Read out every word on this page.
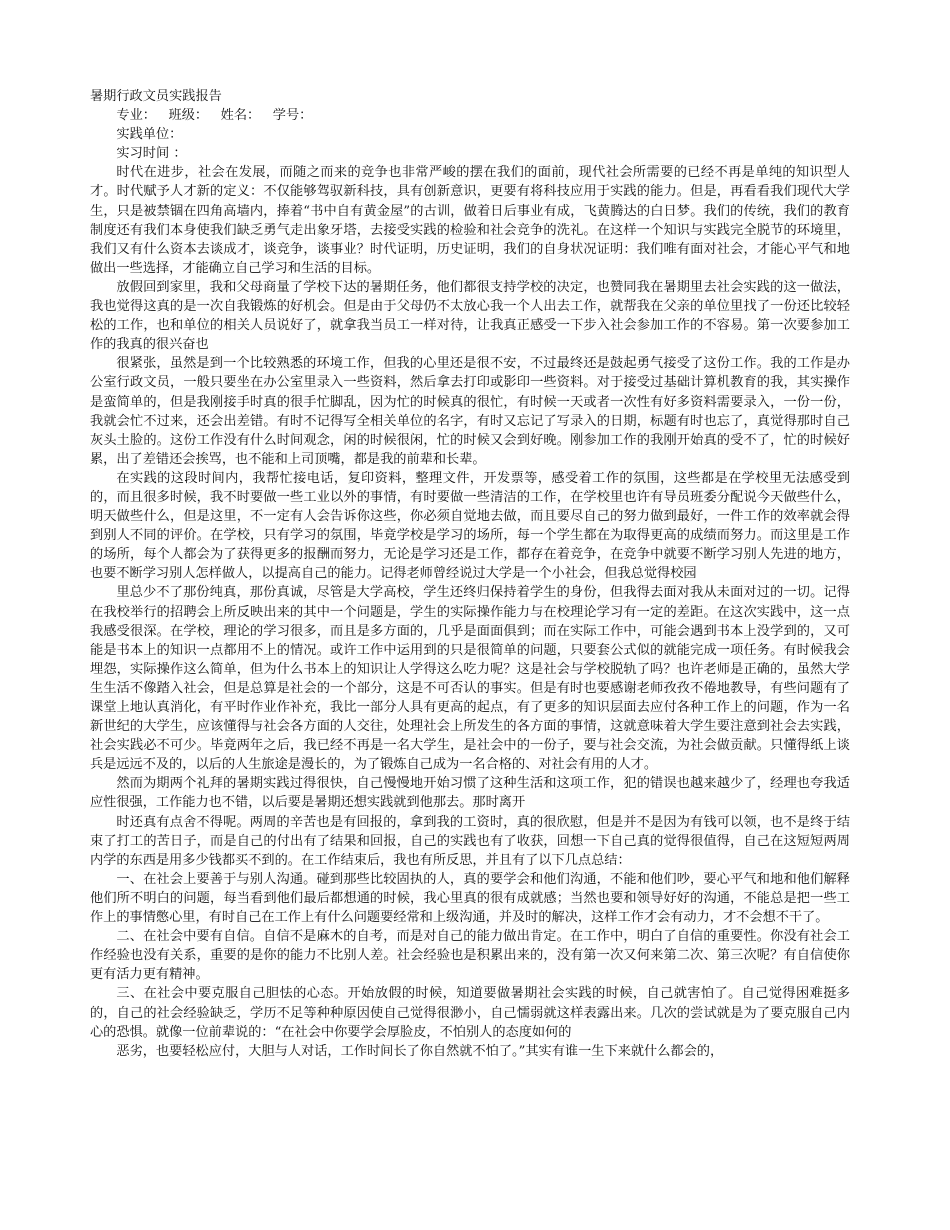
暑期行政文员实践报告

专业：   班级：   姓名：   学号：

实践单位：

实习时间 ：

时代在进步，社会在发展，而随之而来的竞争也非常严峻的摆在我们的面前，现代社会所需要的已经不再是单纯的知识型人才。时代赋予人才新的定义：不仅能够驾驭新科技，具有创新意识，更要有将科技应用于实践的能力。但是，再看看我们现代大学生，只是被禁锢在四角高墙内，捧着“书中自有黄金屋”的古训，做着日后事业有成，飞黄腾达的白日梦。我们的传统，我们的教育制度还有我们本身使我们缺乏勇气走出象牙塔，去接受实践的检验和社会竞争的洗礼。在这样一个知识与实践完全脱节的环境里，我们又有什么资本去谈成才，谈竞争，谈事业？时代证明，历史证明，我们的自身状况证明：我们唯有面对社会，才能心平气和地做出一些选择，才能确立自己学习和生活的目标。

放假回到家里，我和父母商量了学校下达的暑期任务，他们都很支持学校的决定，也赞同我在暑期里去社会实践的这一做法，我也觉得这真的是一次自我锻炼的好机会。但是由于父母仍不太放心我一个人出去工作，就帮我在父亲的单位里找了一份还比较轻松的工作，也和单位的相关人员说好了，就拿我当员工一样对待，让我真正感受一下步入社会参加工作的不容易。第一次要参加工作的我真的很兴奋也

很紧张，虽然是到一个比较熟悉的环境工作，但我的心里还是很不安，不过最终还是鼓起勇气接受了这份工作。我的工作是办公室行政文员，一般只要坐在办公室里录入一些资料，然后拿去打印或影印一些资料。对于接受过基础计算机教育的我，其实操作是蛮简单的，但是我刚接手时真的很手忙脚乱，因为忙的时候真的很忙，有时候一天或者一次性有好多资料需要录入，一份一份，我就会忙不过来，还会出差错。有时不记得写全相关单位的名字，有时又忘记了写录入的日期，标题有时也忘了，真觉得那时自己灰头土脸的。这份工作没有什么时间观念，闲的时候很闲，忙的时候又会到好晚。刚参加工作的我刚开始真的受不了，忙的时候好累，出了差错还会挨骂，也不能和上司顶嘴，都是我的前辈和长辈。

在实践的这段时间内，我帮忙接电话，复印资料，整理文件，开发票等，感受着工作的氛围，这些都是在学校里无法感受到的，而且很多时候，我不时要做一些工业以外的事情，有时要做一些清洁的工作，在学校里也许有导员班委分配说今天做些什么，明天做些什么，但是这里，不一定有人会告诉你这些，你必须自觉地去做，而且要尽自己的努力做到最好，一件工作的效率就会得到别人不同的评价。在学校，只有学习的氛围，毕竟学校是学习的场所，每一个学生都在为取得更高的成绩而努力。而这里是工作的场所，每个人都会为了获得更多的报酬而努力，无论是学习还是工作，都存在着竞争，在竞争中就要不断学习别人先进的地方，也要不断学习别人怎样做人，以提高自己的能力。记得老师曾经说过大学是一个小社会，但我总觉得校园

里总少不了那份纯真，那份真诚，尽管是大学高校，学生还终归保持着学生的身份，但我得去面对我从未面对过的一切。记得在我校举行的招聘会上所反映出来的其中一个问题是，学生的实际操作能力与在校理论学习有一定的差距。在这次实践中，这一点我感受很深。在学校，理论的学习很多，而且是多方面的，几乎是面面俱到；而在实际工作中，可能会遇到书本上没学到的，又可能是书本上的知识一点都用不上的情况。或许工作中运用到的只是很简单的问题，只要套公式似的就能完成一项任务。有时候我会埋怨，实际操作这么简单，但为什么书本上的知识让人学得这么吃力呢？这是社会与学校脱轨了吗？也许老师是正确的，虽然大学生生活不像踏入社会，但是总算是社会的一个部分，这是不可否认的事实。但是有时也要感谢老师孜孜不倦地教导，有些问题有了课堂上地认真消化，有平时作业作补充，我比一部分人具有更高的起点，有了更多的知识层面去应付各种工作上的问题，作为一名新世纪的大学生，应该懂得与社会各方面的人交往，处理社会上所发生的各方面的事情，这就意味着大学生要注意到社会去实践，社会实践必不可少。毕竟两年之后，我已经不再是一名大学生，是社会中的一份子，要与社会交流，为社会做贡献。只懂得纸上谈兵是远远不及的，以后的人生旅途是漫长的，为了锻炼自己成为一名合格的、对社会有用的人才。

然而为期两个礼拜的暑期实践过得很快，自己慢慢地开始习惯了这种生活和这项工作，犯的错误也越来越少了，经理也夸我适应性很强，工作能力也不错，以后要是暑期还想实践就到他那去。那时离开

时还真有点舍不得呢。两周的辛苦也是有回报的，拿到我的工资时，真的很欣慰，但是并不是因为有钱可以领，也不是终于结束了打工的苦日子，而是自己的付出有了结果和回报，自己的实践也有了收获，回想一下自己真的觉得很值得，自己在这短短两周内学的东西是用多少钱都买不到的。在工作结束后，我也有所反思，并且有了以下几点总结：

一、在社会上要善于与别人沟通。碰到那些比较固执的人，真的要学会和他们沟通，不能和他们吵，要心平气和地和他们解释他们所不明白的问题，每当看到他们最后都想通的时候，我心里真的很有成就感；当然也要和领导好好的沟通，不能总是把一些工作上的事情憋心里，有时自己在工作上有什么问题要经常和上级沟通，并及时的解决，这样工作才会有动力，才不会想不干了。

二、在社会中要有自信。自信不是麻木的自考，而是对自己的能力做出肯定。在工作中，明白了自信的重要性。你没有社会工作经验也没有关系，重要的是你的能力不比别人差。社会经验也是积累出来的，没有第一次又何来第二次、第三次呢？有自信使你更有活力更有精神。

三、在社会中要克服自己胆怯的心态。开始放假的时候，知道要做暑期社会实践的时候，自己就害怕了。自己觉得困难挺多的，自己的社会经验缺乏，学历不足等种种原因使自己觉得很渺小，自己懦弱就这样表露出来。几次的尝试就是为了要克服自己内心的恐惧。就像一位前辈说的：“在社会中你要学会厚脸皮，不怕别人的态度如何的

恶劣，也要轻松应付，大胆与人对话，工作时间长了你自然就不怕了。”其实有谁一生下来就什么都会的，
